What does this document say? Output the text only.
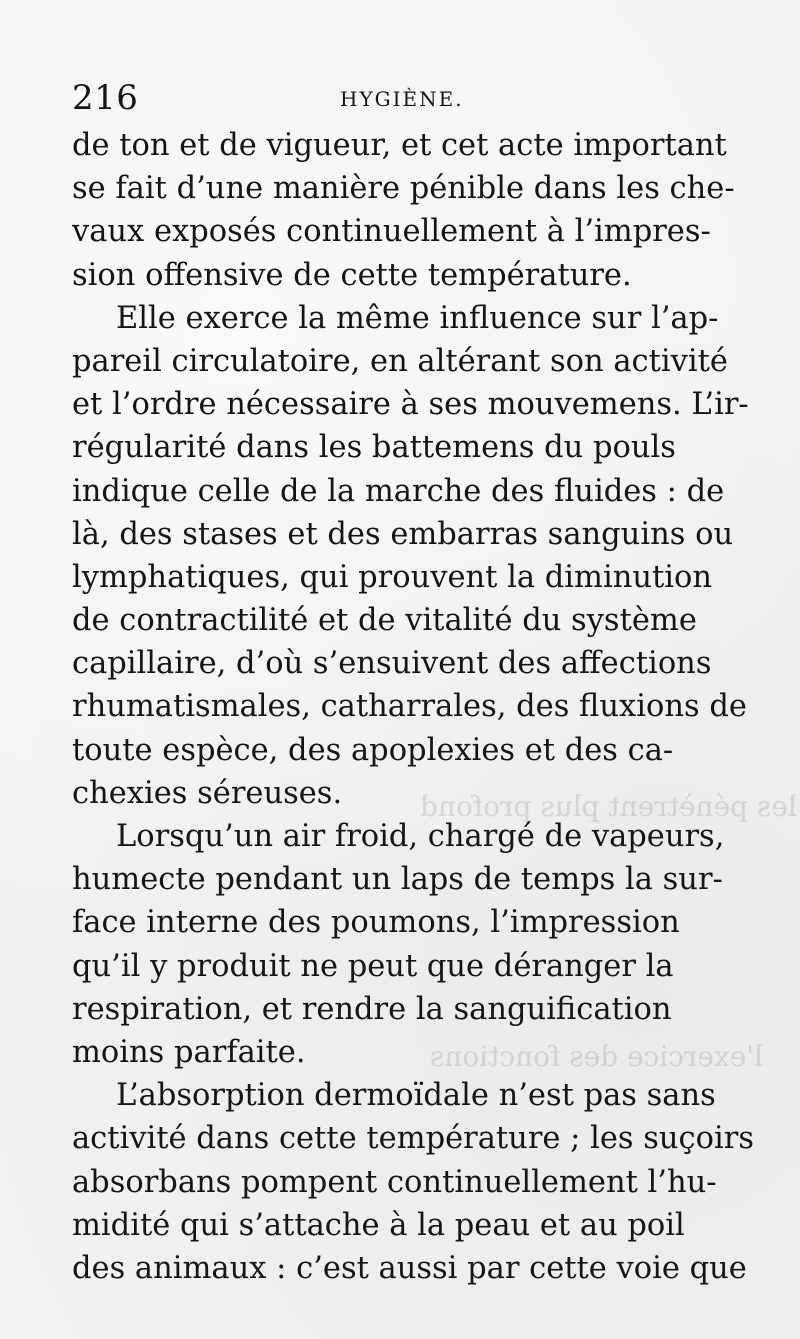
les pénètrent plus profond
l'exercice des fonctions
216	HYGIÈNE.
de ton et de vigueur, et cet acte important
se fait d’une manière pénible dans les che-
vaux exposés continuellement à l’impres-
sion offensive de cette température.
Elle exerce la même influence sur l’ap-
pareil circulatoire, en altérant son activité
et l’ordre nécessaire à ses mouvemens. L’ir-
régularité dans les battemens du pouls
indique celle de la marche des fluides : de
là, des stases et des embarras sanguins ou
lymphatiques, qui prouvent la diminution
de contractilité et de vitalité du système
capillaire, d’où s’ensuivent des affections
rhumatismales, catharrales, des fluxions de
toute espèce, des apoplexies et des ca-
chexies séreuses.
Lorsqu’un air froid, chargé de vapeurs,
humecte pendant un laps de temps la sur-
face interne des poumons, l’impression
qu’il y produit ne peut que déranger la
respiration, et rendre la sanguification
moins parfaite.
L’absorption dermoïdale n’est pas sans
activité dans cette température ; les suçoirs
absorbans pompent continuellement l’hu-
midité qui s’attache à la peau et au poil
des animaux : c’est aussi par cette voie que
